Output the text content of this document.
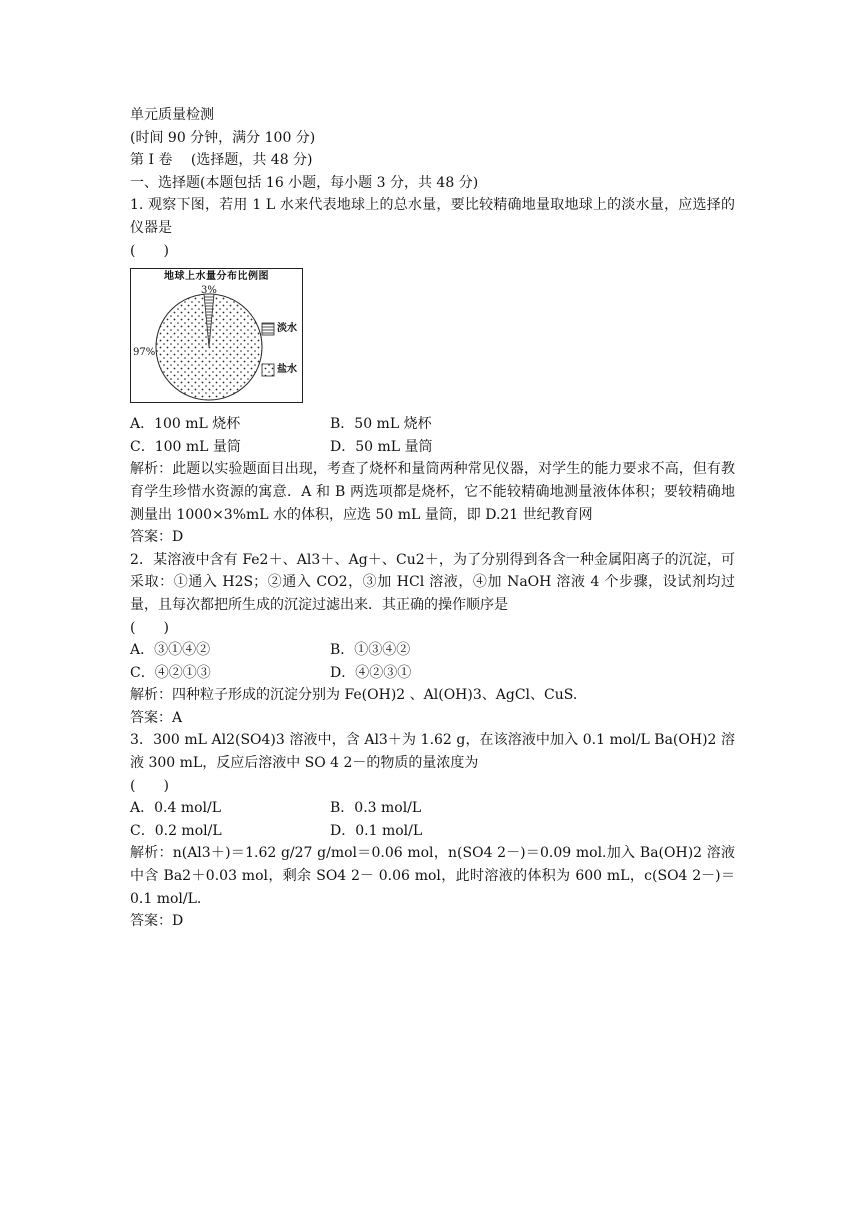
单元质量检测
(时间 90 分钟，满分 100 分)
第 I 卷　 (选择题，共 48 分)
一、选择题(本题包括 16 小题，每小题 3 分，共 48 分)
1. 观察下图，若用 1 L 水来代表地球上的总水量，要比较精确地量取地球上的淡水量，应选择的仪器是
(　　)
地球上水量分布比例图
3%
97%
淡水
盐水
A．100 mL 烧杯	B．50 mL 烧杯
C．100 mL 量筒	D．50 mL 量筒
解析：此题以实验题面目出现，考查了烧杯和量筒两种常见仪器，对学生的能力要求不高，但有教育学生珍惜水资源的寓意．A 和 B 两选项都是烧杯，它不能较精确地测量液体体积；要较精确地测量出 1000×3%mL 水的体积，应选 50 mL 量筒，即 D.21 世纪教育网
答案：D
2．某溶液中含有 Fe2＋、Al3＋、Ag＋、Cu2＋，为了分别得到各含一种金属阳离子的沉淀，可采取：①通入 H2S；②通入 CO2，③加 HCl 溶液，④加 NaOH 溶液 4 个步骤，设试剂均过量，且每次都把所生成的沉淀过滤出来．其正确的操作顺序是
(　　)
A．③①④②	B．①③④②
C．④②①③	D．④②③①
解析：四种粒子形成的沉淀分别为 Fe(OH)2 、Al(OH)3、AgCl、CuS.
答案：A
3．300 mL Al2(SO4)3 溶液中，含 Al3＋为 1.62 g，在该溶液中加入 0.1 mol/L Ba(OH)2 溶液 300 mL，反应后溶液中 SO 4 2－的物质的量浓度为
(　　)
A．0.4 mol/L	B．0.3 mol/L
C．0.2 mol/L	D．0.1 mol/L
解析：n(Al3＋)＝1.62 g/27 g/mol＝0.06 mol，n(SO4 2－)＝0.09 mol.加入 Ba(OH)2 溶液中含 Ba2＋0.03 mol，剩余 SO4 2－ 0.06 mol，此时溶液的体积为 600 mL，c(SO4 2－)＝0.1 mol/L.
答案：D
